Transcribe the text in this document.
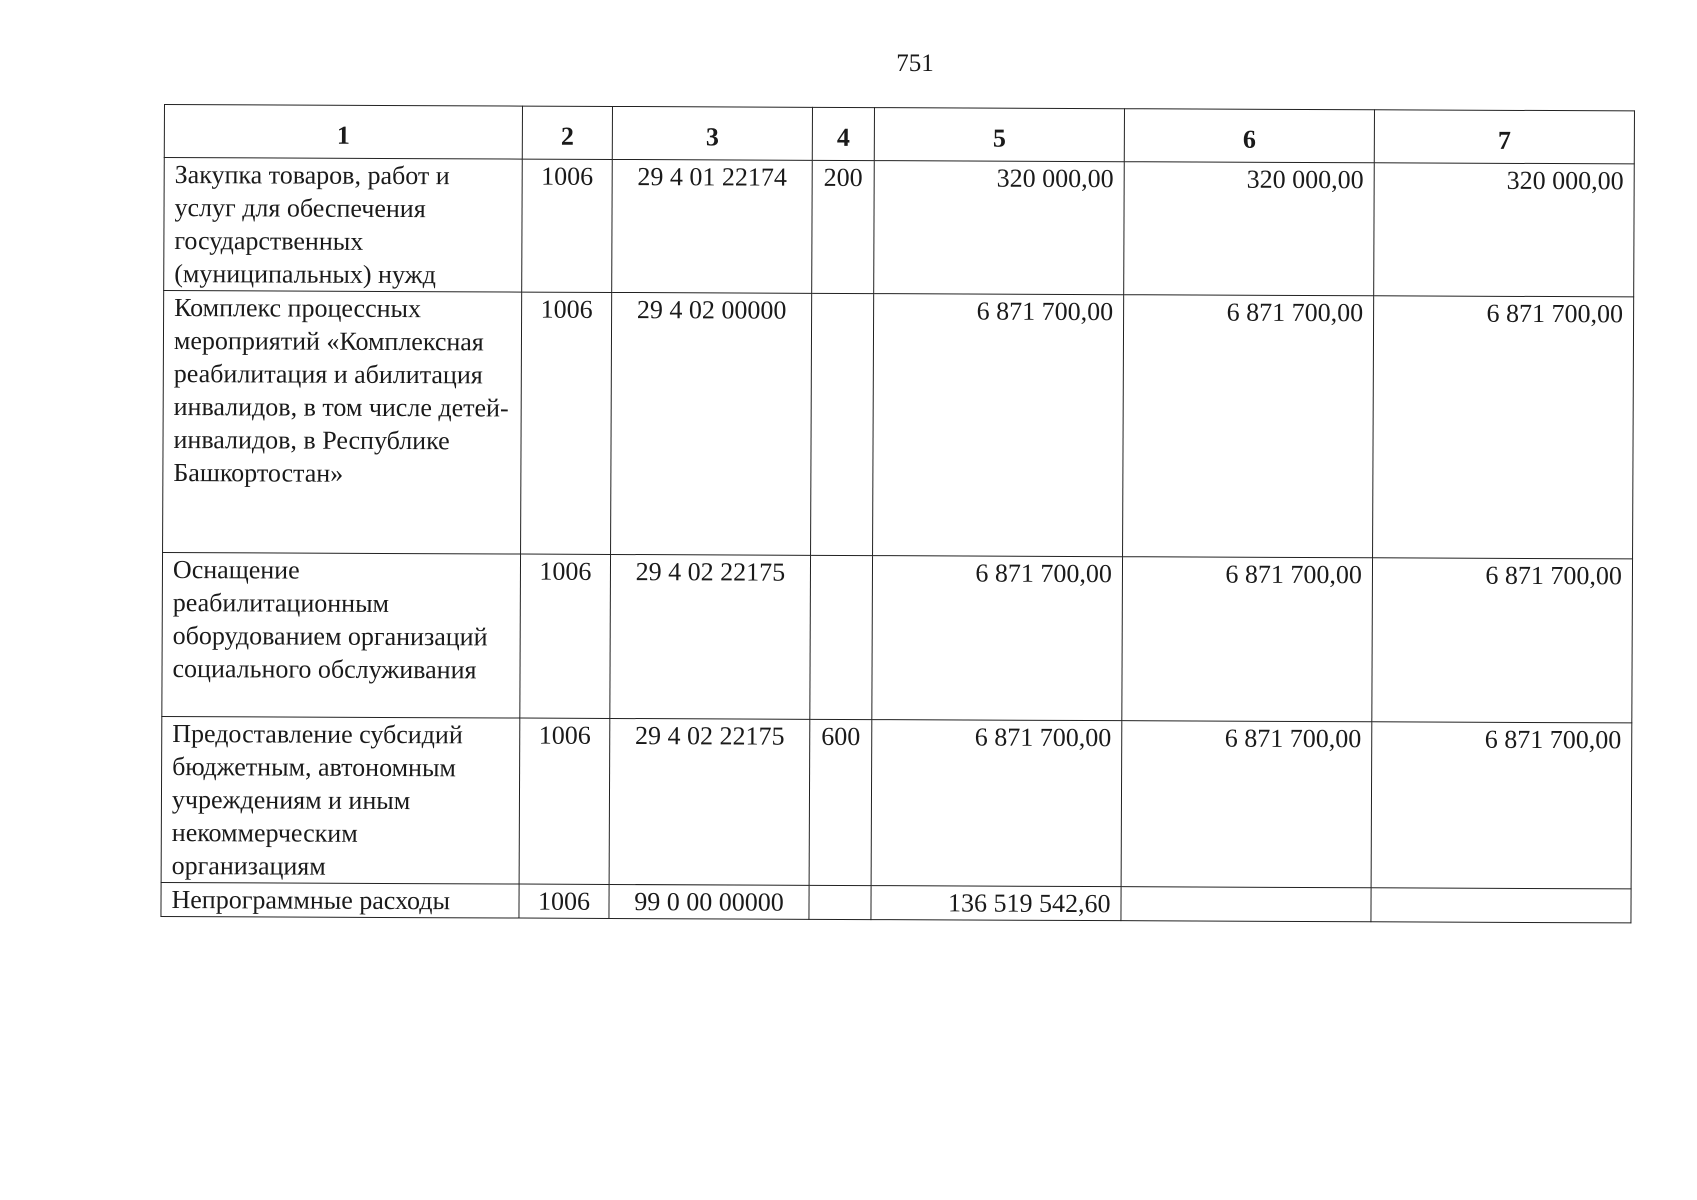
751
1	2	3	4	5	6	7
Закупка товаров, работ и услуг для обеспечения государственных (муниципальных) нужд	1006	29 4 01 22174	200	320 000,00	320 000,00	320 000,00
Комплекс процессных мероприятий «Комплексная реабилитация и абилитация инвалидов, в том числе детей-инвалидов, в Республике Башкортостан»	1006	29 4 02 00000		6 871 700,00	6 871 700,00	6 871 700,00
Оснащение реабилитационным оборудованием организаций социального обслуживания	1006	29 4 02 22175		6 871 700,00	6 871 700,00	6 871 700,00
Предоставление субсидий бюджетным, автономным учреждениям и иным некоммерческим организациям	1006	29 4 02 22175	600	6 871 700,00	6 871 700,00	6 871 700,00
Непрограммные расходы	1006	99 0 00 00000		136 519 542,60		
